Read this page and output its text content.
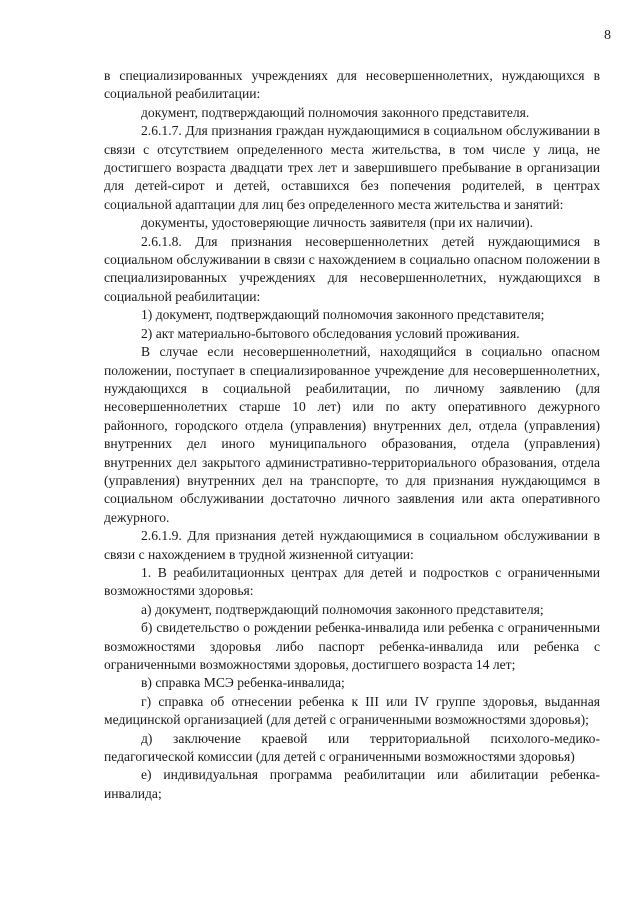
8

в специализированных учреждениях для несовершеннолетних, нуждающихся в социальной реабилитации:

документ, подтверждающий полномочия законного представителя.

2.6.1.7. Для признания граждан нуждающимися в социальном обслуживании в связи с отсутствием определенного места жительства, в том числе у лица, не достигшего возраста двадцати трех лет и завершившего пребывание в организации для детей-сирот и детей, оставшихся без попечения родителей, в центрах социальной адаптации для лиц без определенного места жительства и занятий:

документы, удостоверяющие личность заявителя (при их наличии).

2.6.1.8. Для признания несовершеннолетних детей нуждающимися в социальном обслуживании в связи с нахождением в социально опасном положении в специализированных учреждениях для несовершеннолетних, нуждающихся в социальной реабилитации:

1) документ, подтверждающий полномочия законного представителя;

2) акт материально-бытового обследования условий проживания.

В случае если несовершеннолетний, находящийся в социально опасном положении, поступает в специализированное учреждение для несовершеннолетних, нуждающихся в социальной реабилитации, по личному заявлению (для несовершеннолетних старше 10 лет) или по акту оперативного дежурного районного, городского отдела (управления) внутренних дел, отдела (управления) внутренних дел иного муниципального образования, отдела (управления) внутренних дел закрытого административно-территориального образования, отдела (управления) внутренних дел на транспорте, то для признания нуждающимся в социальном обслуживании достаточно личного заявления или акта оперативного дежурного.

2.6.1.9. Для признания детей нуждающимися в социальном обслуживании в связи с нахождением в трудной жизненной ситуации:

1. В реабилитационных центрах для детей и подростков с ограниченными возможностями здоровья:

а) документ, подтверждающий полномочия законного представителя;

б) свидетельство о рождении ребенка-инвалида или ребенка с ограниченными возможностями здоровья либо паспорт ребенка-инвалида или ребенка с ограниченными возможностями здоровья, достигшего возраста 14 лет;

в) справка МСЭ ребенка-инвалида;

г) справка об отнесении ребенка к III или IV группе здоровья, выданная медицинской организацией (для детей с ограниченными возможностями здоровья);

д) заключение краевой или территориальной психолого-медико-педагогической комиссии (для детей с ограниченными возможностями здоровья)

е) индивидуальная программа реабилитации или абилитации ребенка-инвалида;
